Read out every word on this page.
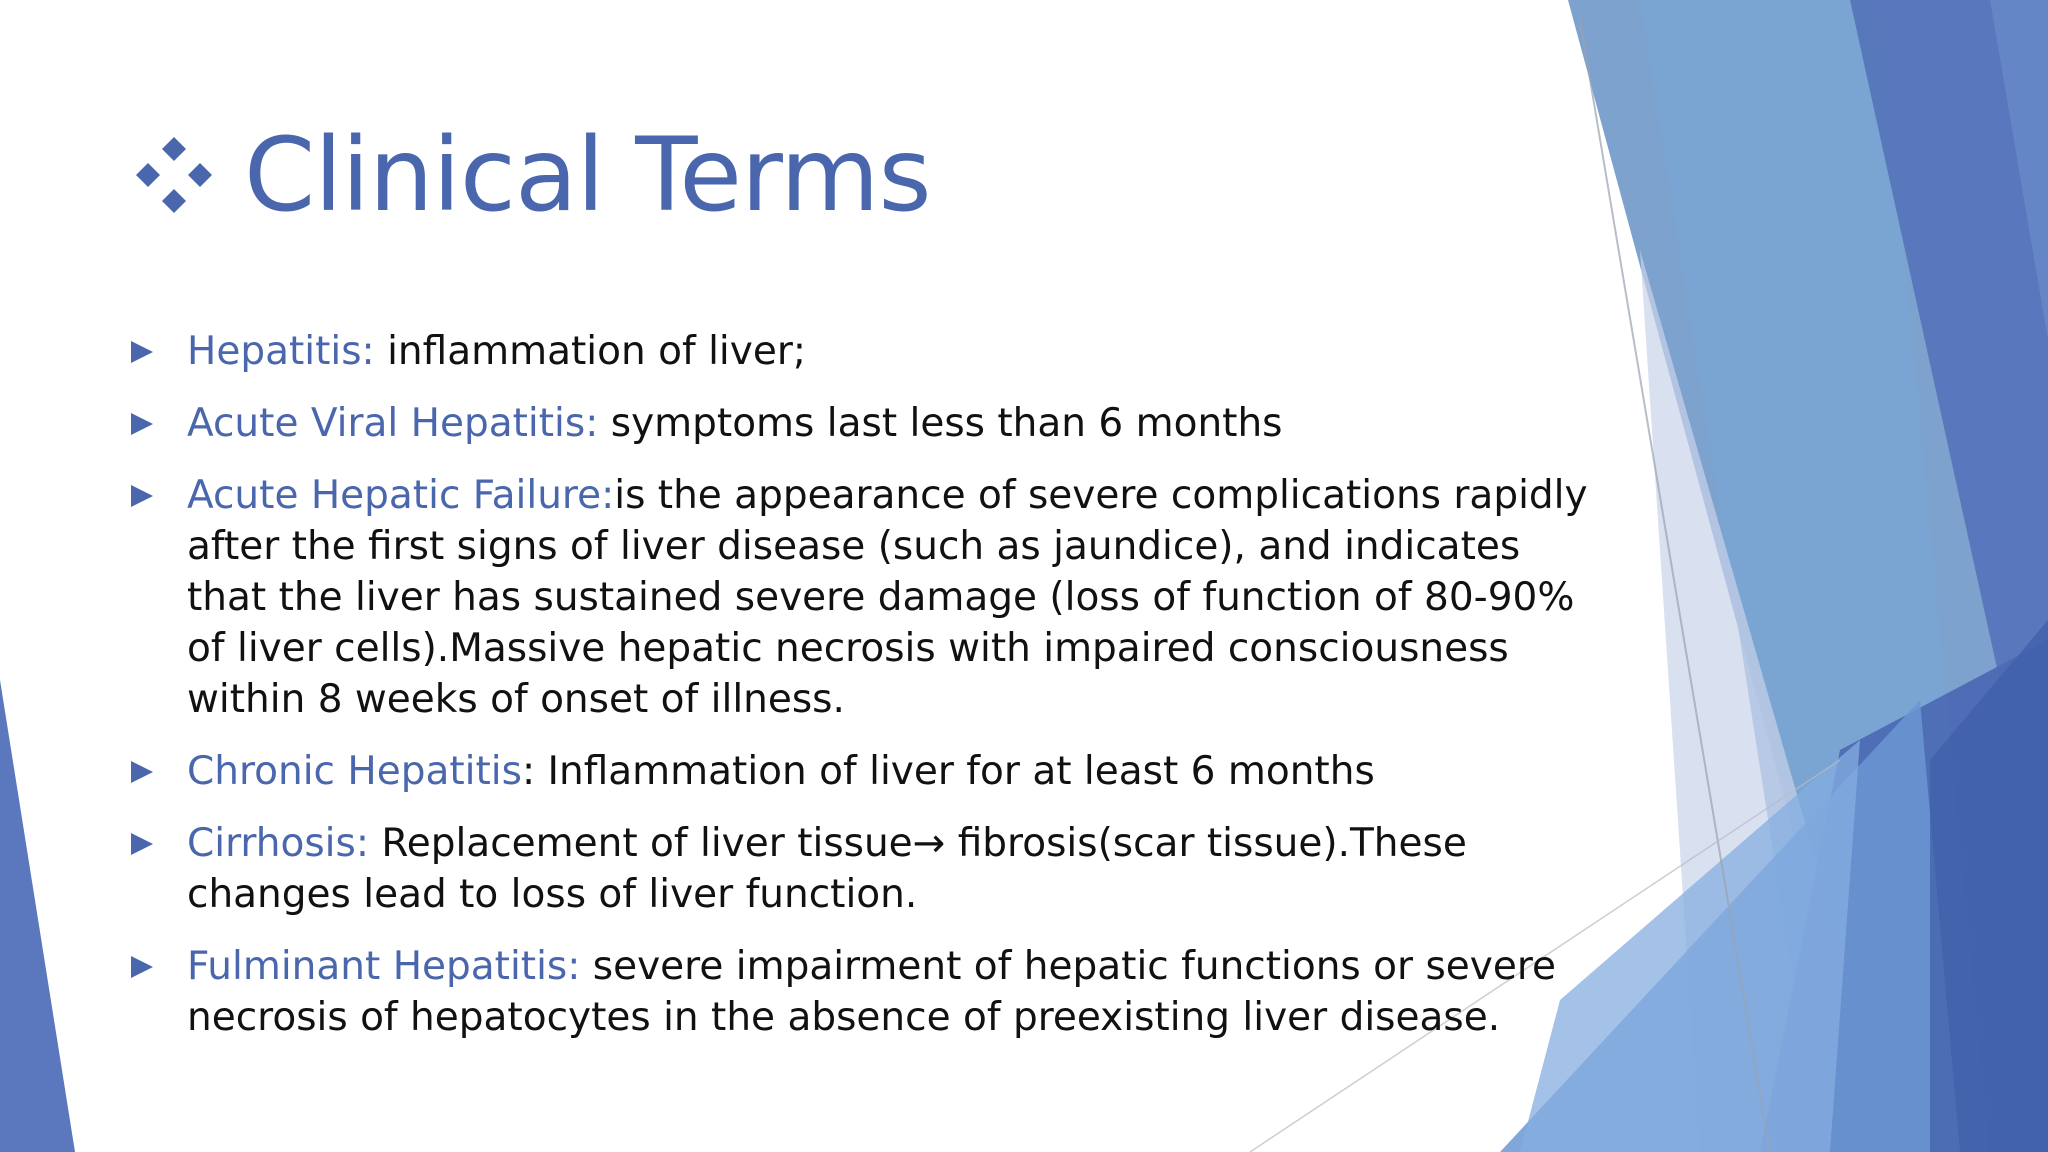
Clinical Terms
Hepatitis: inflammation of liver;
Acute Viral Hepatitis: symptoms last less than 6 months
Acute Hepatic Failure:is the appearance of severe complications rapidly after the first signs of liver disease (such as jaundice), and indicates that the liver has sustained severe damage (loss of function of 80-90% of liver cells).Massive hepatic necrosis with impaired consciousness within 8 weeks of onset of illness.
Chronic Hepatitis: Inflammation of liver for at least 6 months
Cirrhosis: Replacement of liver tissue→ fibrosis(scar tissue).These changes lead to loss of liver function.
Fulminant Hepatitis: severe impairment of hepatic functions or severe necrosis of hepatocytes in the absence of preexisting liver disease.
